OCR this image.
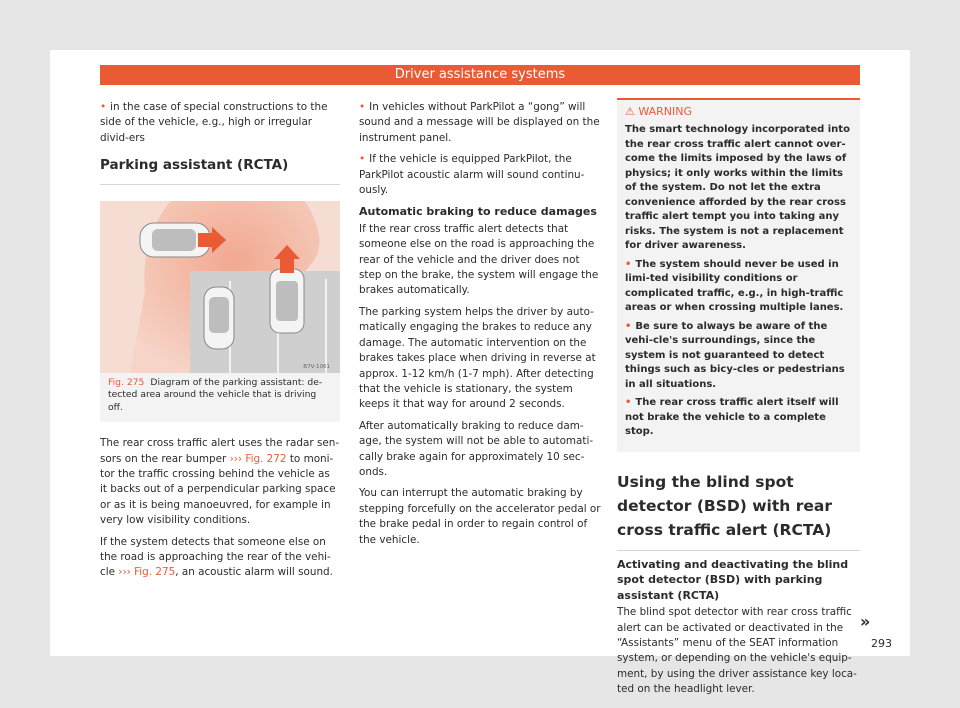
Driver assistance systems

• in the case of special constructions to the side of the vehicle, e.g., high or irregular divid-ers

Parking assistant (RCTA)
B7V-1061
Fig. 275 Diagram of the parking assistant: de-tected area around the vehicle that is driving off.

The rear cross traffic alert uses the radar sen-sors on the rear bumper ››› Fig. 272 to moni-tor the traffic crossing behind the vehicle as it backs out of a perpendicular parking space or as it is being manoeuvred, for example in very low visibility conditions.

If the system detects that someone else on the road is approaching the rear of the vehi-cle ››› Fig. 275, an acoustic alarm will sound.

• In vehicles without ParkPilot a “gong” will sound and a message will be displayed on the instrument panel.

• If the vehicle is equipped ParkPilot, the ParkPilot acoustic alarm will sound continu-ously.

Automatic braking to reduce damages

If the rear cross traffic alert detects that someone else on the road is approaching the rear of the vehicle and the driver does not step on the brake, the system will engage the brakes automatically.

The parking system helps the driver by auto-matically engaging the brakes to reduce any damage. The automatic intervention on the brakes takes place when driving in reverse at approx. 1-12 km/h (1-7 mph). After detecting that the vehicle is stationary, the system keeps it that way for around 2 seconds.

After automatically braking to reduce dam-age, the system will not be able to automati-cally brake again for approximately 10 sec-onds.

You can interrupt the automatic braking by stepping forcefully on the accelerator pedal or the brake pedal in order to regain control of the vehicle.

⚠ WARNING

The smart technology incorporated into the rear cross traffic alert cannot over-come the limits imposed by the laws of physics; it only works within the limits of the system. Do not let the extra convenience afforded by the rear cross traffic alert tempt you into taking any risks. The system is not a replacement for driver awareness.

• The system should never be used in limi-ted visibility conditions or complicated traffic, e.g., in high-traffic areas or when crossing multiple lanes.

• Be sure to always be aware of the vehi-cle's surroundings, since the system is not guaranteed to detect things such as bicy-cles or pedestrians in all situations.

• The rear cross traffic alert itself will not brake the vehicle to a complete stop.

Using the blind spot detector (BSD) with rear cross traffic alert (RCTA)
Activating and deactivating the blind spot detector (BSD) with parking assistant (RCTA)

The blind spot detector with rear cross traffic alert can be activated or deactivated in the “Assistants” menu of the SEAT information system, or depending on the vehicle's equip-ment, by using the driver assistance key loca-ted on the headlight lever.

»
293
